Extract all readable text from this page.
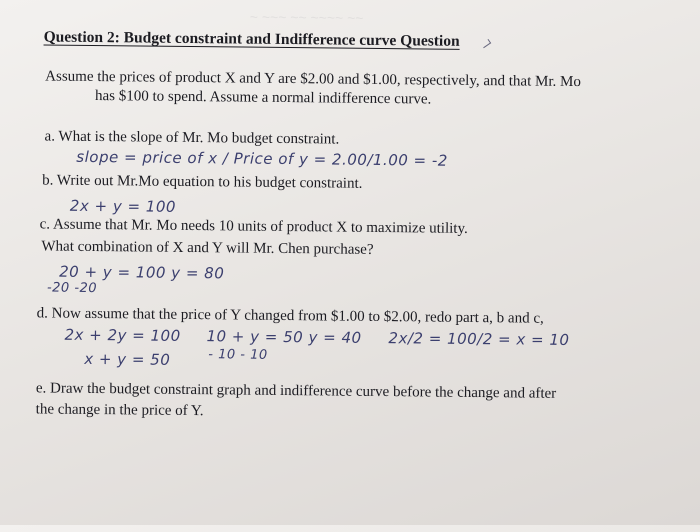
~ ~~~ ~~ ~~~~ ~~
Question 2: Budget constraint and Indifference curve Question
Assume the prices of product X and Y are $2.00 and $1.00, respectively, and that Mr. Mo
has $100 to spend. Assume a normal indifference curve.
a. What is the slope of Mr. Mo budget constraint.
slope = price of x / Price of y = 2.00/1.00 = -2
b. Write out Mr.Mo equation to his budget constraint.
2x + y = 100
c. Assume that Mr. Mo needs 10 units of product X to maximize utility.
What combination of X and Y will Mr. Chen purchase?
20 + y = 100 y = 80
-20 -20
d. Now assume that the price of Y changed from $1.00 to $2.00, redo part a, b and c,
2x + 2y = 100 10 + y = 50 y = 40 2x/2 = 100/2 = x = 10
x + y = 50	- 10 - 10
e. Draw the budget constraint graph and indifference curve before the change and after
the change in the price of Y.
